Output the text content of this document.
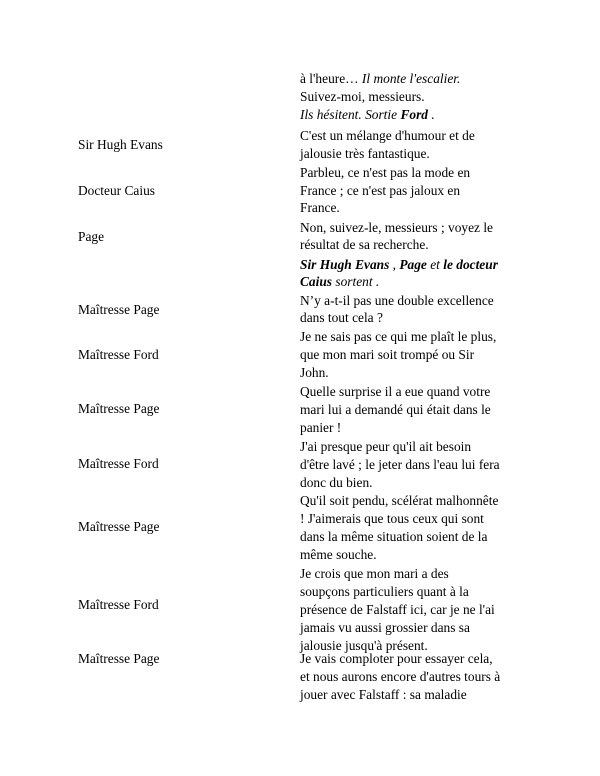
à l'heure… Il monte l'escalier.
Suivez-moi, messieurs.
Ils hésitent. Sortie Ford .
Sir Hugh Evans
C'est un mélange d'humour et de
jalousie très fantastique.
Docteur Caius
Parbleu, ce n'est pas la mode en
France ; ce n'est pas jaloux en
France.
Page
Non, suivez-le, messieurs ; voyez le
résultat de sa recherche.
Sir Hugh Evans , Page et le docteur
Caius sortent .
Maîtresse Page
N’y a-t-il pas une double excellence
dans tout cela ?
Maîtresse Ford
Je ne sais pas ce qui me plaît le plus,
que mon mari soit trompé ou Sir
John.
Maîtresse Page
Quelle surprise il a eue quand votre
mari lui a demandé qui était dans le
panier !
Maîtresse Ford
J'ai presque peur qu'il ait besoin
d'être lavé ; le jeter dans l'eau lui fera
donc du bien.
Maîtresse Page
Qu'il soit pendu, scélérat malhonnête
! J'aimerais que tous ceux qui sont
dans la même situation soient de la
même souche.
Maîtresse Ford
Je crois que mon mari a des
soupçons particuliers quant à la
présence de Falstaff ici, car je ne l'ai
jamais vu aussi grossier dans sa
jalousie jusqu'à présent.
Maîtresse Page	Je vais comploter pour essayer cela,
et nous aurons encore d'autres tours à
jouer avec Falstaff : sa maladie
